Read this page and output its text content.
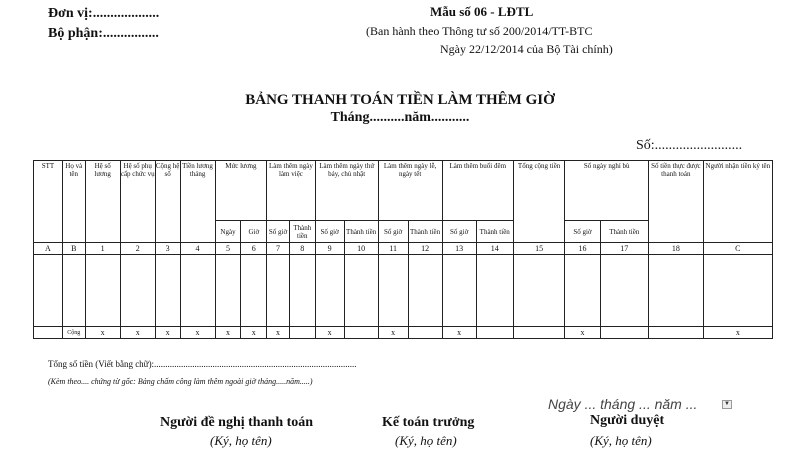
Đơn vị:...................
Bộ phận:................
Mẫu số 06 - LĐTL
(Ban hành theo Thông tư số 200/2014/TT-BTC
Ngày 22/12/2014 của Bộ Tài chính)
BẢNG THANH TOÁN TIỀN LÀM THÊM GIỜ
Tháng..........năm...........
Số:.........................
STT	Họ và tên	Hệ số lương	Hệ số phụ cấp chức vụ	Cộng hệ số	Tiền lương tháng	Mức lương		Làm thêm ngày làm việc		Làm thêm ngày thứ bảy, chủ nhật		Làm thêm ngày lễ, ngày tết		Làm thêm buổi đêm		Tổng cộng tiền	Số ngày nghỉ bù		Số tiền thực được thanh toán	Người nhận tiền ký tên
						Ngày	Giờ	Số giờ	Thành tiền	Số giờ	Thành tiền	Số giờ	Thành tiền	Số giờ	Thành tiền		Số giờ	Thành tiền		
A	B	1	2	3	4	5	6	7	8	9	10	11	12	13	14	15	16	17	18	C

	Cộng	x	x	x	x	x	x	x		x		x		x			x			x
Tổng số tiền (Viết bằng chữ):..........................................................................................
(Kèm theo.... chứng từ gốc: Bảng chấm công làm thêm ngoài giờ tháng.....năm.....)
Ngày ... tháng ... năm ...	▼
Người đề nghị thanh toán
(Ký, họ tên)
Kế toán trưởng
(Ký, họ tên)
Người duyệt
(Ký, họ tên)
